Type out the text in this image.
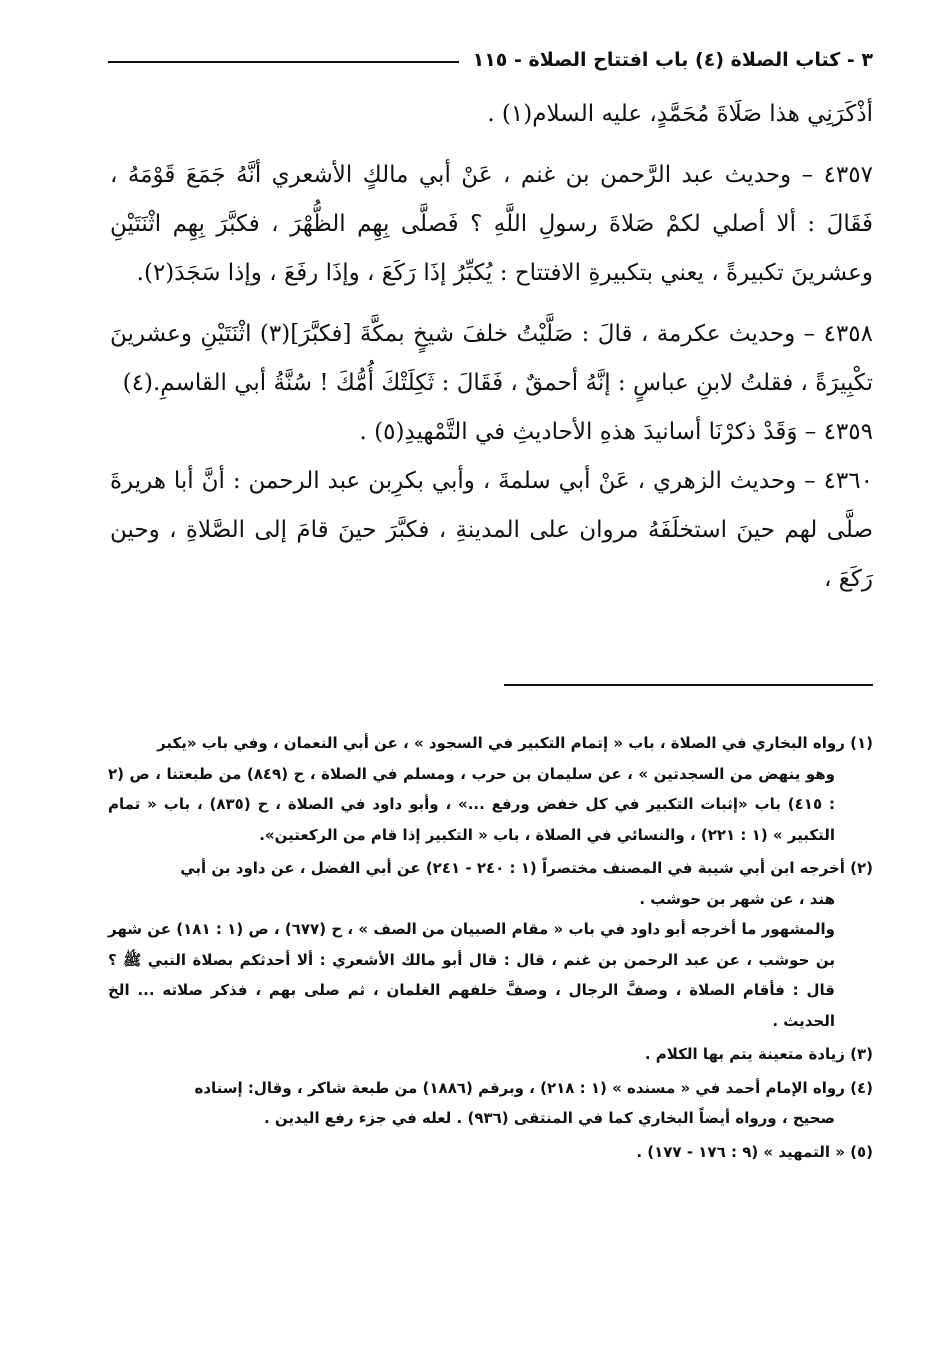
٣ - كتاب الصلاة (٤) باب افتتاح الصلاة - ١١٥

أذْكَرَنِي هذا صَلَاةَ مُحَمَّدٍ، عليه السلام(١) .

٤٣٥٧ – وحديث عبد الرَّحمن بن غنم ، عَنْ أبي مالكٍ الأشعري أنَّهُ جَمَعَ قَوْمَهُ ، فَقَالَ : ألا أصلي لكمْ صَلاةَ رسولِ اللَّهِ ؟ فَصلَّى بِهِم الظُّهْرَ ، فكبَّرَ بِهِم اثْنَتَيْنِ وعشرينَ تكبيرةً ، يعني بتكبيرةِ الافتتاح : يُكبِّرُ إذَا رَكَعَ ، وإذَا رفَعَ ، وإذا سَجَدَ(٢).

٤٣٥٨ – وحديث عكرمة ، قالَ : صَلَّيْتُ خلفَ شيخٍ بمكَّةَ [فكبَّرَ](٣) اثْنَتَيْنِ وعشرينَ تكْبِيرَةً ، فقلتُ لابنِ عباسٍ : إنَّهُ أحمقٌ ، فَقَالَ : ثَكِلَتْكَ أُمُّكَ ! سُنَّةُ أبي القاسمِ.(٤)

٤٣٥٩ – وَقَدْ ذكرْنَا أسانيدَ هذهِ الأحاديثِ في التَّمْهيدِ(٥) .

٤٣٦٠ – وحديث الزهري ، عَنْ أبي سلمةَ ، وأبي بكرِبن عبد الرحمن : أنَّ أبا هريرةَ صلَّى لهم حينَ استخلَفَهُ مروان على المدينةِ ، فكبَّرَ حينَ قامَ إلى الصَّلاةِ ، وحين رَكَعَ ،

(١) رواه البخاري في الصلاة ، باب « إتمام التكبير في السجود » ، عن أبي النعمان ، وفي باب «يكبر
وهو ينهض من السجدتين » ، عن سليمان بن حرب ، ومسلم في الصلاة ، ح (٨٤٩) من طبعتنا ، ص (٢ : ٤١٥) باب «إثبات التكبير في كل خفض ورفع ...» ، وأبو داود في الصلاة ، ح (٨٣٥) ، باب « تمام التكبير » (١ : ٢٢١) ، والنسائي في الصلاة ، باب « التكبير إذا قام من الركعتين».
(٢) أخرجه ابن أبي شيبة في المصنف مختصراً (١ : ٢٤٠ - ٢٤١) عن أبي الفضل ، عن داود بن أبي
هند ، عن شهر بن حوشب .
والمشهور ما أخرجه أبو داود في باب « مقام الصبيان من الصف » ، ح (٦٧٧) ، ص (١ : ١٨١) عن شهر بن حوشب ، عن عبد الرحمن بن غنم ، قال : قال أبو مالك الأشعري : ألا أحدثكم بصلاة النبي ﷺ ؟ قال : فأقام الصلاة ، وصفَّ الرجال ، وصفَّ خلفهم الغلمان ، ثم صلى بهم ، فذكر صلاته ... الخ الحديث .
(٣) زيادة متعينة يتم بها الكلام .
(٤) رواه الإمام أحمد في « مسنده » (١ : ٢١٨) ، وبرقم (١٨٨٦) من طبعة شاكر ، وقال: إسناده
صحيح ، ورواه أيضاً البخاري كما في المنتقى (٩٣٦) . لعله في جزء رفع اليدين .
(٥) « التمهيد » (٩ : ١٧٦ - ١٧٧) .
